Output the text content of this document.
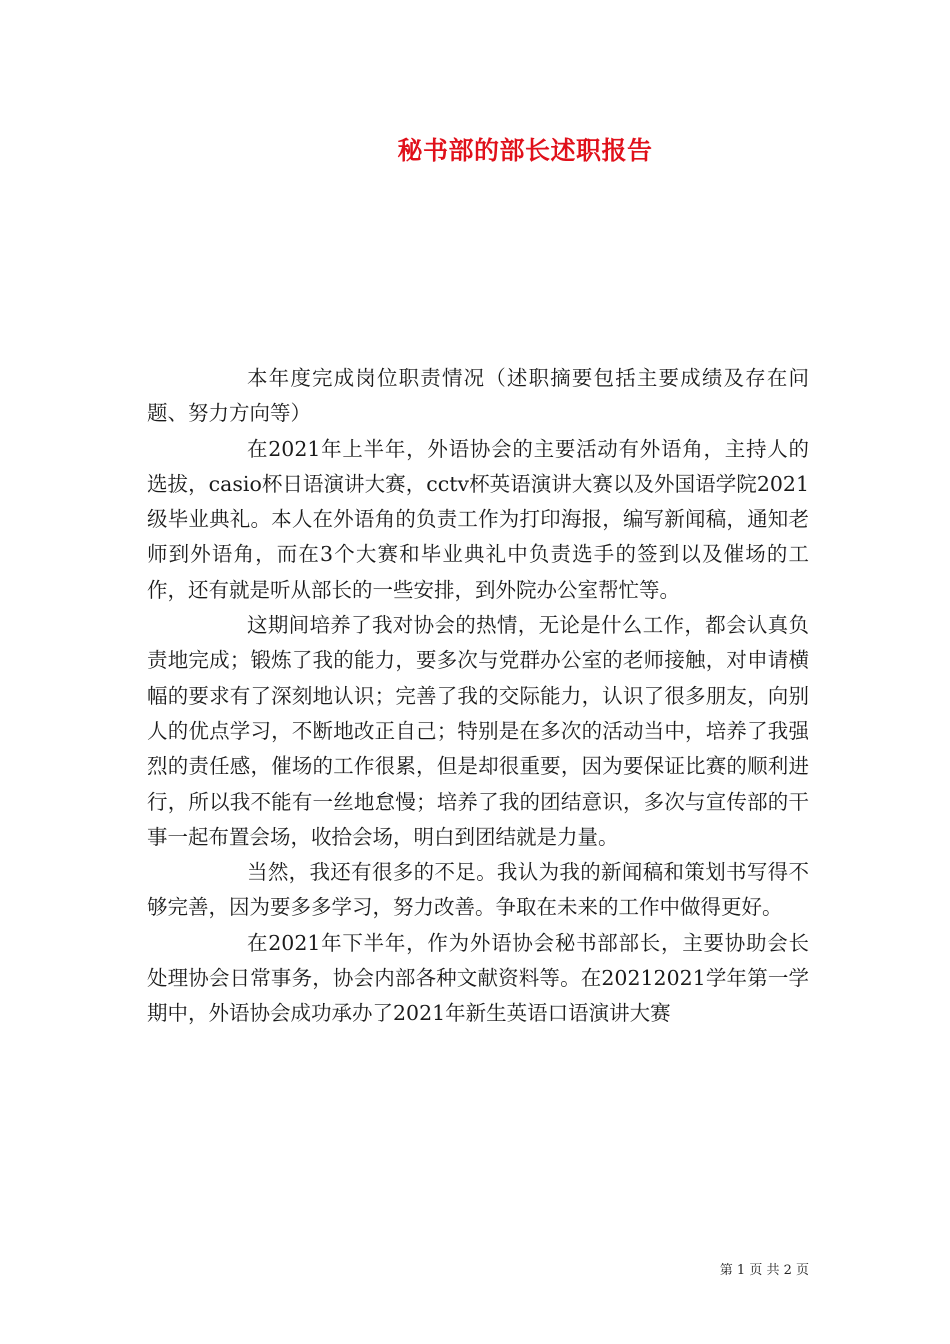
秘书部的部长述职报告

本年度完成岗位职责情况（述职摘要包括主要成绩及存在问题、努力方向等）

在2021年上半年，外语协会的主要活动有外语角，主持人的选拔，casio杯日语演讲大赛，cctv杯英语演讲大赛以及外国语学院2021级毕业典礼。本人在外语角的负责工作为打印海报，编写新闻稿，通知老师到外语角，而在3个大赛和毕业典礼中负责选手的签到以及催场的工作，还有就是听从部长的一些安排，到外院办公室帮忙等。

这期间培养了我对协会的热情，无论是什么工作，都会认真负责地完成；锻炼了我的能力，要多次与党群办公室的老师接触，对申请横幅的要求有了深刻地认识；完善了我的交际能力，认识了很多朋友，向别人的优点学习，不断地改正自己；特别是在多次的活动当中，培养了我强烈的责任感，催场的工作很累，但是却很重要，因为要保证比赛的顺利进行，所以我不能有一丝地怠慢；培养了我的团结意识，多次与宣传部的干事一起布置会场，收拾会场，明白到团结就是力量。

当然，我还有很多的不足。我认为我的新闻稿和策划书写得不够完善，因为要多多学习，努力改善。争取在未来的工作中做得更好。

在2021年下半年，作为外语协会秘书部部长，主要协助会长处理协会日常事务，协会内部各种文献资料等。在20212021学年第一学期中，外语协会成功承办了2021年新生英语口语演讲大赛

第 1 页 共 2 页
